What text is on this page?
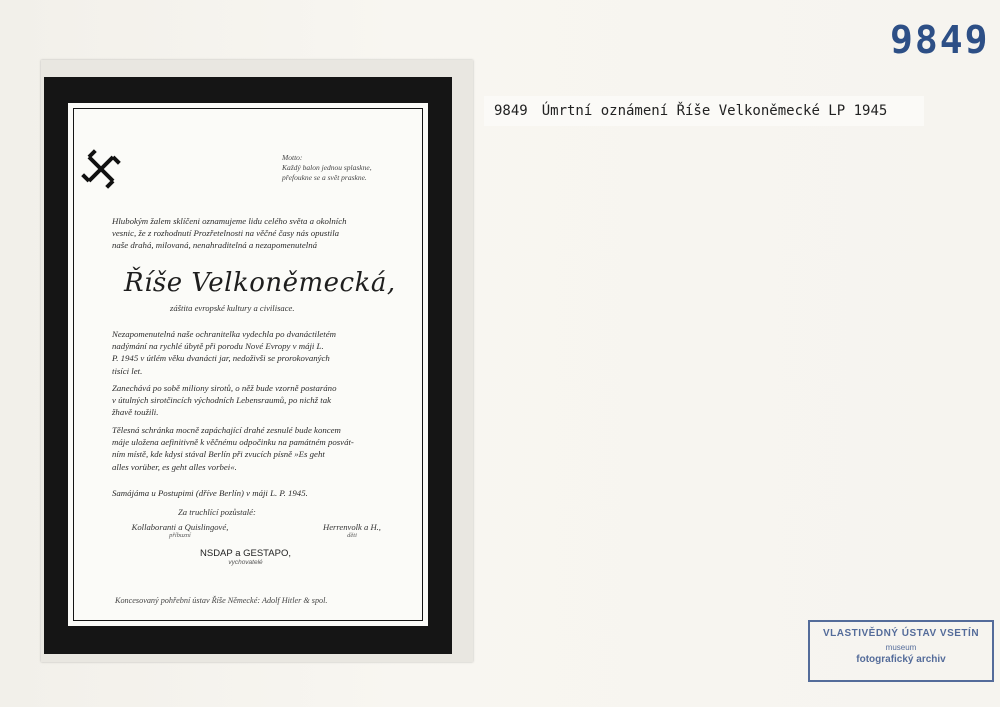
9849
9849 Úmrtní oznámení Říše Velkoněmecké LP 1945
Motto:
Každý balon jednou splaskne,
přefoukne se a svět praskne.
Hlubokým žalem sklíčeni oznamujeme lidu celého světa a okolních
vesnic, že z rozhodnutí Prozřetelnosti na věčné časy nás opustila
naše drahá, milovaná, nenahraditelná a nezapomenutelná
Říše Velkoněmecká,
záštita evropské kultury a civilisace.
Nezapomenutelná naše ochranitelka vydechla po dvanáctiletém
nadýmání na rychlé úbytě při porodu Nové Evropy v máji L.
P. 1945 v útlém věku dvanácti jar, nedoživši se prorokovaných
tisíci let.
Zanechává po sobě miliony sirotů, o něž bude vzorně postaráno
v útulných sirotčincích východních Lebensraumů, po nichž tak
žhavě toužili.
Tělesná schránka mocně zapáchající drahé zesnulé bude koncem
máje uložena aefinitivně k věčnému odpočinku na památném posvát-
ním místě, kde kdysi stával Berlín při zvucích písně »Es geht
alles vorüber, es geht alles vorbei«.
Samájáma u Postupimi (dříve Berlín) v máji L. P. 1945.
Za truchlící pozůstalé:
Kollaboranti a Quislingové,
příbuzní
Herrenvolk a H.,
děti
NSDAP a GESTAPO,
vychovatelé
Koncesovaný pohřební ústav Říše Německé: Adolf Hitler & spol.
VLASTIVĚDNÝ ÚSTAV VSETÍN
museum
fotografický archiv
